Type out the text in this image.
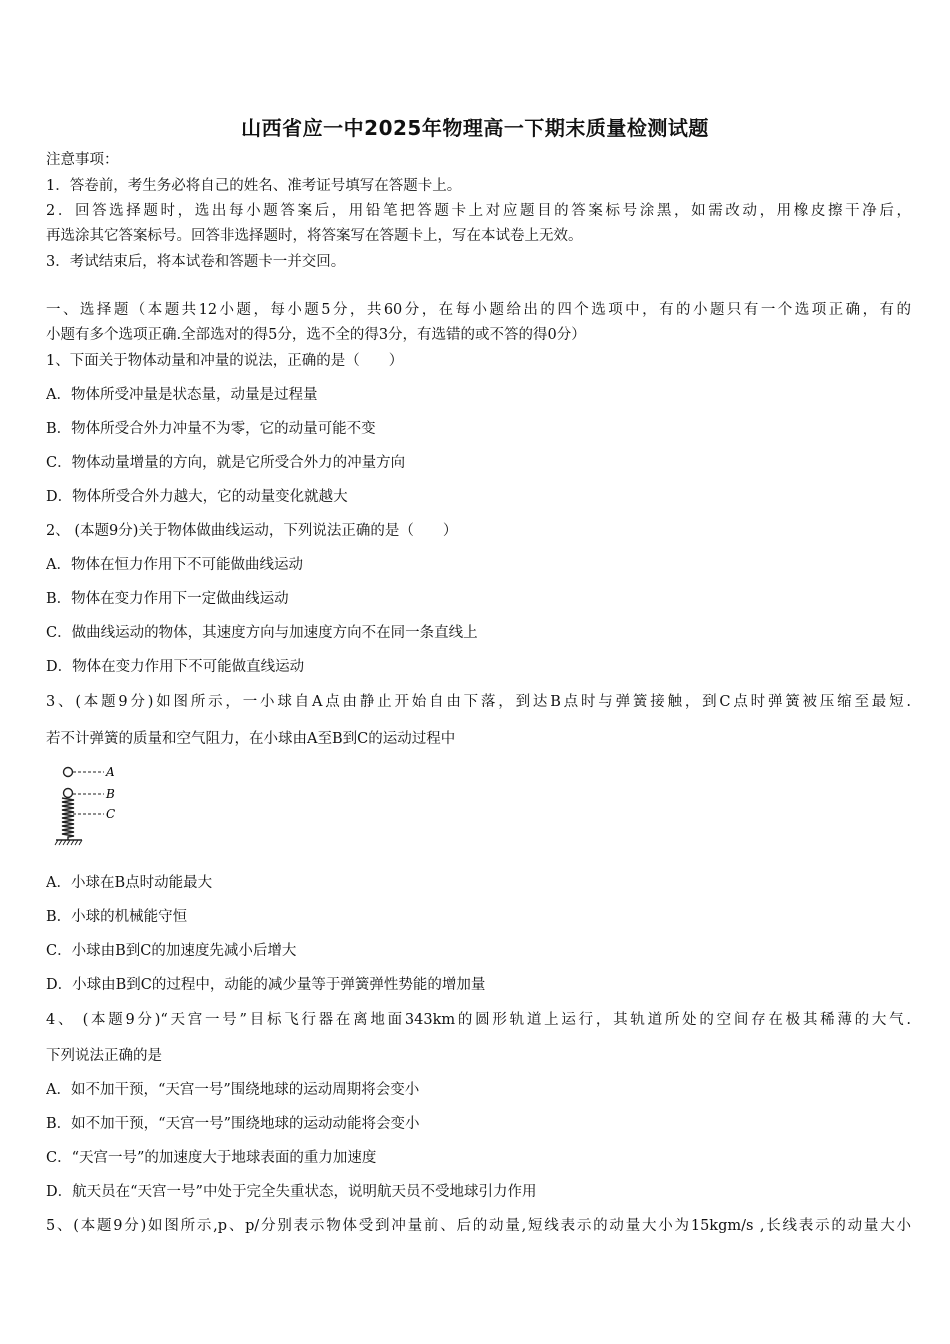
山西省应一中2025年物理高一下期末质量检测试题
注意事项：
1．答卷前，考生务必将自己的姓名、准考证号填写在答题卡上。
2．回答选择题时，选出每小题答案后，用铅笔把答题卡上对应题目的答案标号涂黑，如需改动，用橡皮擦干净后，
再选涂其它答案标号。回答非选择题时，将答案写在答题卡上，写在本试卷上无效。
3．考试结束后，将本试卷和答题卡一并交回。
一、选择题（本题共12小题，每小题5分，共60分，在每小题给出的四个选项中，有的小题只有一个选项正确，有的
小题有多个选项正确.全部选对的得5分，选不全的得3分，有选错的或不答的得0分）
1、下面关于物体动量和冲量的说法，正确的是（　　）
A．物体所受冲量是状态量，动量是过程量
B．物体所受合外力冲量不为零，它的动量可能不变
C．物体动量增量的方向，就是它所受合外力的冲量方向
D．物体所受合外力越大，它的动量变化就越大
2、 (本题9分)关于物体做曲线运动，下列说法正确的是（　　）
A．物体在恒力作用下不可能做曲线运动
B．物体在变力作用下一定做曲线运动
C．做曲线运动的物体，其速度方向与加速度方向不在同一条直线上
D．物体在变力作用下不可能做直线运动
3、(本题9分)如图所示，一小球自A点由静止开始自由下落，到达B点时与弹簧接触，到C点时弹簧被压缩至最短.
若不计弹簧的质量和空气阻力，在小球由A至B到C的运动过程中
A
B
C
A．小球在B点时动能最大
B．小球的机械能守恒
C．小球由B到C的加速度先减小后增大
D．小球由B到C的过程中，动能的减少量等于弹簧弹性势能的增加量
4、 (本题9分)“天宫一号”目标飞行器在离地面343km的圆形轨道上运行，其轨道所处的空间存在极其稀薄的大气.
下列说法正确的是
A．如不加干预，“天宫一号”围绕地球的运动周期将会变小
B．如不加干预，“天宫一号”围绕地球的运动动能将会变小
C．“天宫一号”的加速度大于地球表面的重力加速度
D．航天员在“天宫一号”中处于完全失重状态，说明航天员不受地球引力作用
5、(本题9分)如图所示,p、p/分别表示物体受到冲量前、后的动量,短线表示的动量大小为15kgm/s ,长线表示的动量大小
